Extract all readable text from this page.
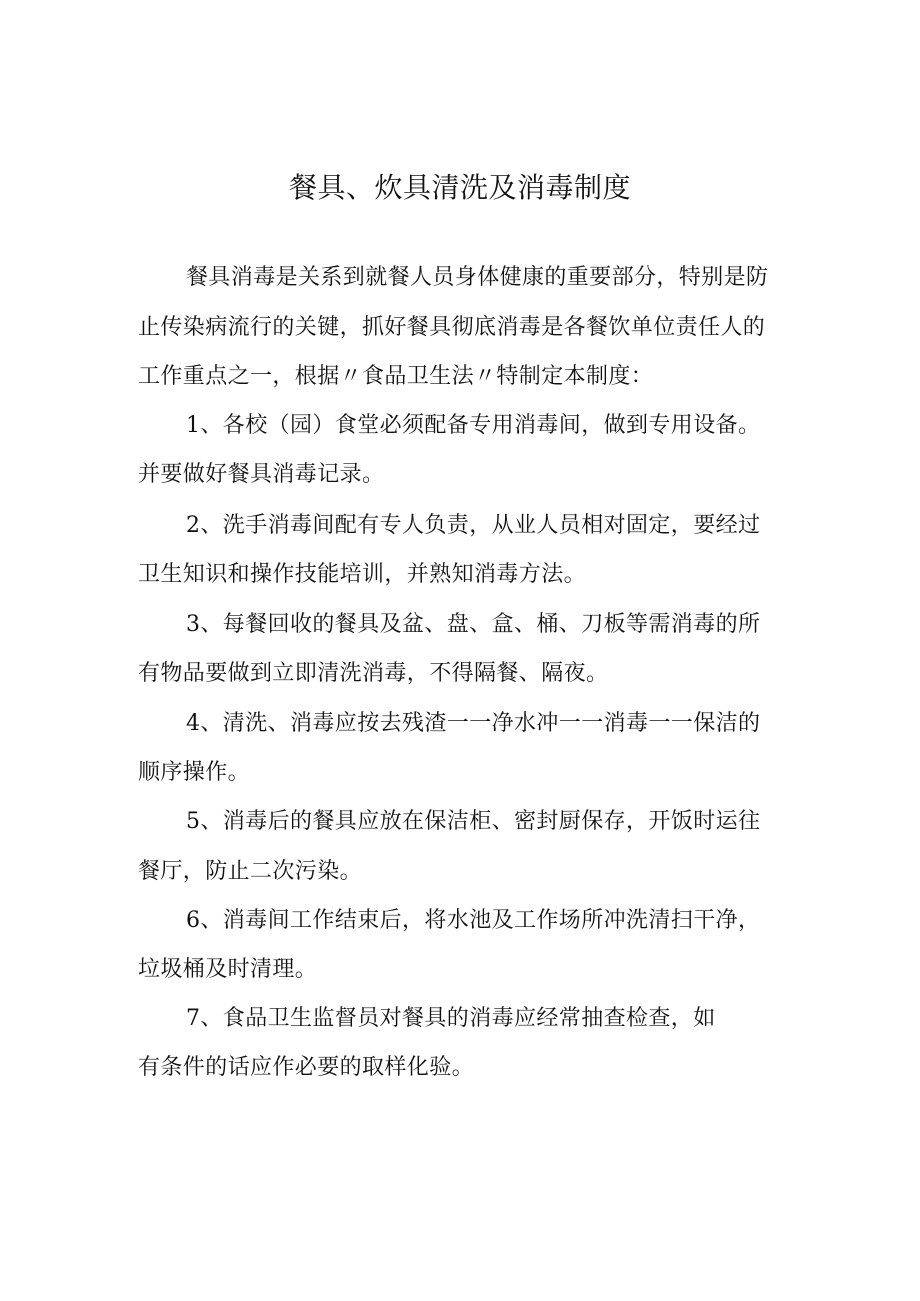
餐具、炊具清洗及消毒制度
餐具消毒是关系到就餐人员身体健康的重要部分，特别是防
止传染病流行的关键，抓好餐具彻底消毒是各餐饮单位责任人的
工作重点之一，根据〃食品卫生法〃特制定本制度：
1、各校（园）食堂必须配备专用消毒间，做到专用设备。
并要做好餐具消毒记录。
2、洗手消毒间配有专人负责，从业人员相对固定，要经过
卫生知识和操作技能培训，并熟知消毒方法。
3、每餐回收的餐具及盆、盘、盒、桶、刀板等需消毒的所
有物品要做到立即清洗消毒，不得隔餐、隔夜。
4、清洗、消毒应按去残渣一一净水冲一一消毒一一保洁的
顺序操作。
5、消毒后的餐具应放在保洁柜、密封厨保存，开饭时运往
餐厅，防止二次污染。
6、消毒间工作结束后，将水池及工作场所冲洗清扫干净，
垃圾桶及时清理。
7、食品卫生监督员对餐具的消毒应经常抽查检查，如
有条件的话应作必要的取样化验。
